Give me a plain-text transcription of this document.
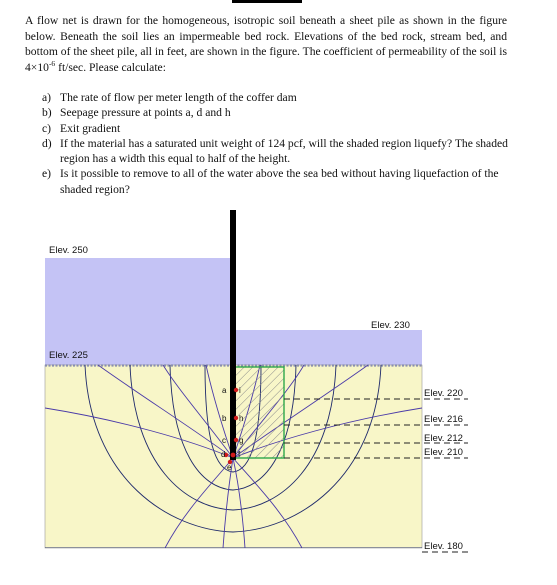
A flow net is drawn for the homogeneous, isotropic soil beneath a sheet pile as shown in the figure below. Beneath the soil lies an impermeable bed rock. Elevations of the bed rock, stream bed, and bottom of the sheet pile, all in feet, are shown in the figure. The coefficient of permeability of the soil is $4\times 10^{-6}$ ft/sec. Please calculate:

a) The rate of flow per meter length of the coffer dam
b) Seepage pressure at points a, d and h
c) Exit gradient
d) If the material has a saturated unit weight of 124 pcf, will the shaded region liquefy? The shaded region has a width this equal to half of the height.
e) Is it possible to remove to all of the water above the sea bed without having liquefaction of the shaded region?
a i
b h
c g
d f
e
Elev. 250
Elev. 230
Elev. 225
Elev. 220
Elev. 216
Elev. 212
Elev. 210
Elev. 180
